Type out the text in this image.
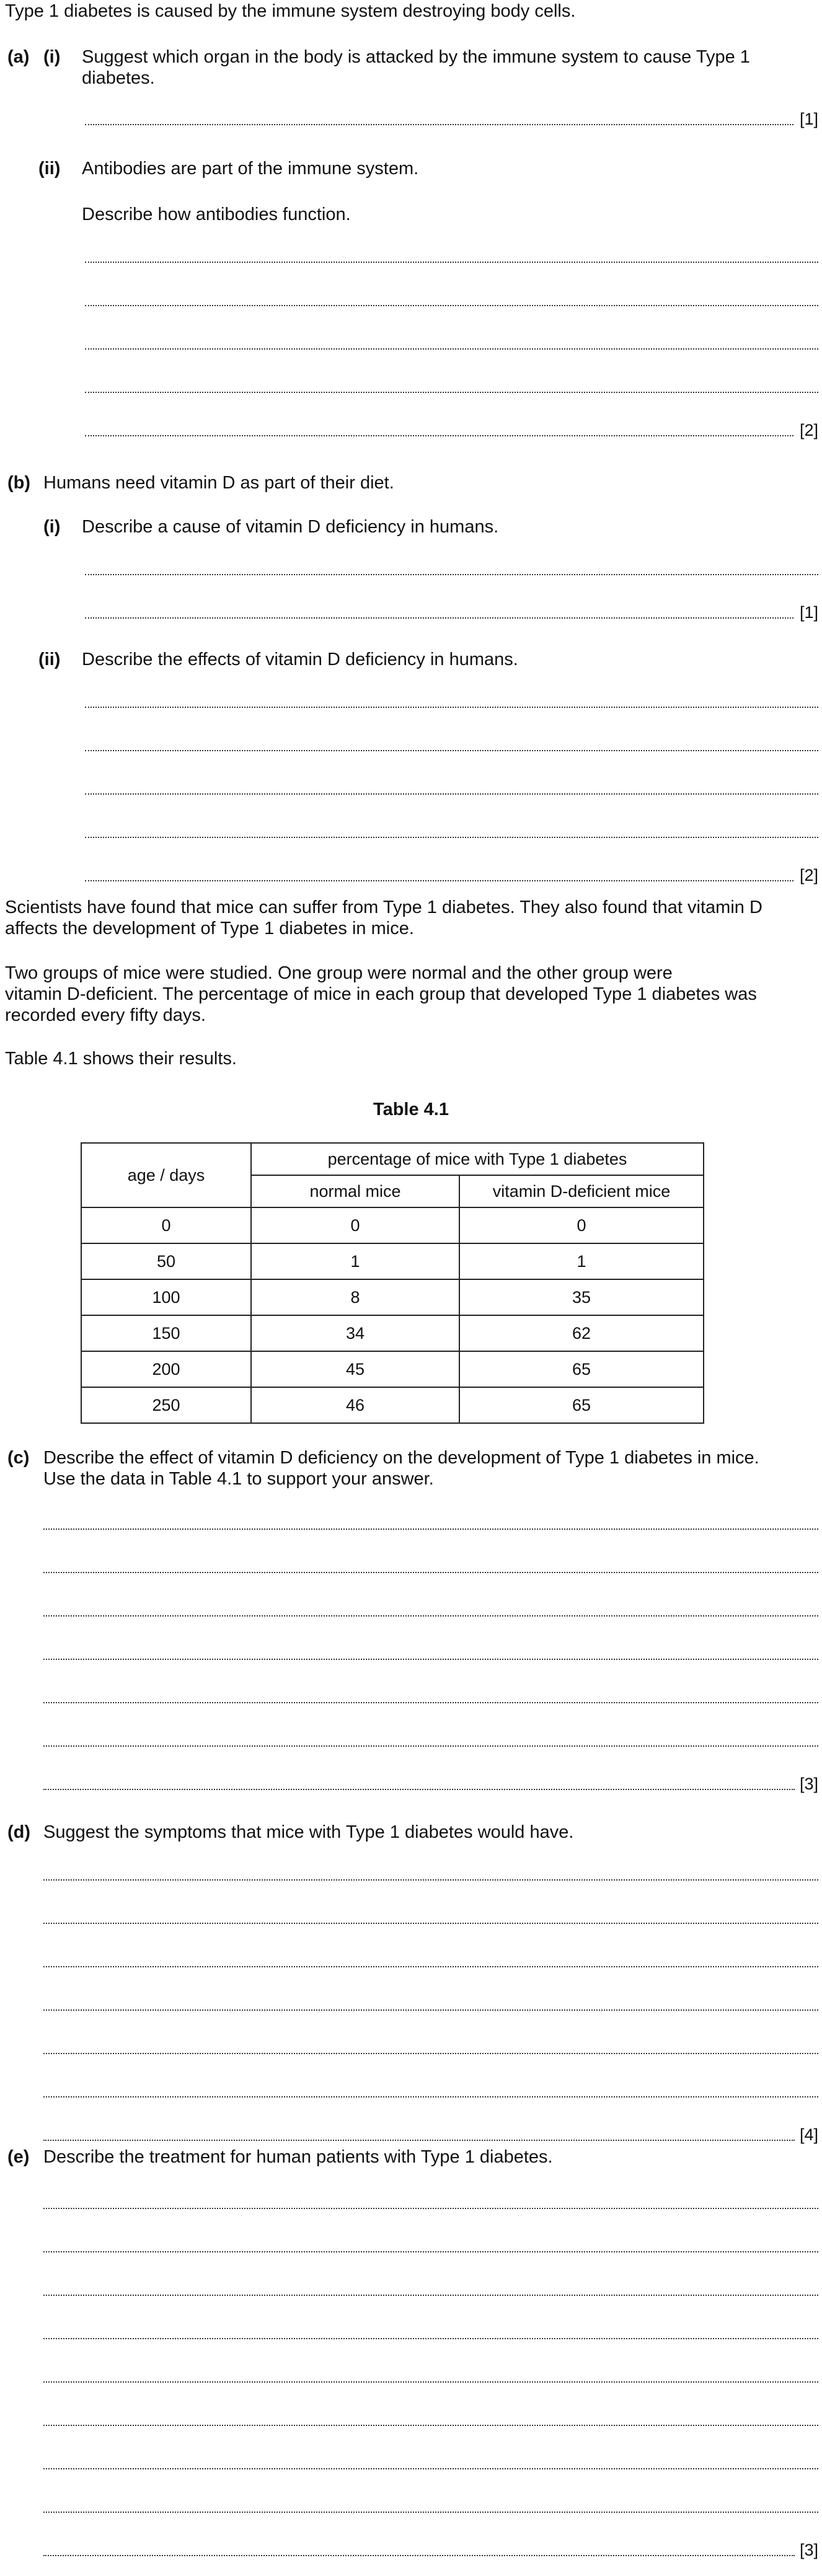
Type 1 diabetes is caused by the immune system destroying body cells.
(a) (i) Suggest which organ in the body is attacked by the immune system to cause Type 1
diabetes.
[1]
(ii) Antibodies are part of the immune system.
Describe how antibodies function.
[2]
(b) Humans need vitamin D as part of their diet.
(i) Describe a cause of vitamin D deficiency in humans.
[1]
(ii) Describe the effects of vitamin D deficiency in humans.
[2]
Scientists have found that mice can suffer from Type 1 diabetes. They also found that vitamin D
affects the development of Type 1 diabetes in mice.
Two groups of mice were studied. One group were normal and the other group were
vitamin D-deficient. The percentage of mice in each group that developed Type 1 diabetes was
recorded every fifty days.
Table 4.1 shows their results.
Table 4.1
age / days	percentage of mice with Type 1 diabetes	
	normal mice	vitamin D-deficient mice
0	0	0
50	1	1
100	8	35
150	34	62
200	45	65
250	46	65
(c) Describe the effect of vitamin D deficiency on the development of Type 1 diabetes in mice.
Use the data in Table 4.1 to support your answer.
[3]
(d) Suggest the symptoms that mice with Type 1 diabetes would have.
[4]
(e) Describe the treatment for human patients with Type 1 diabetes.
[3]
